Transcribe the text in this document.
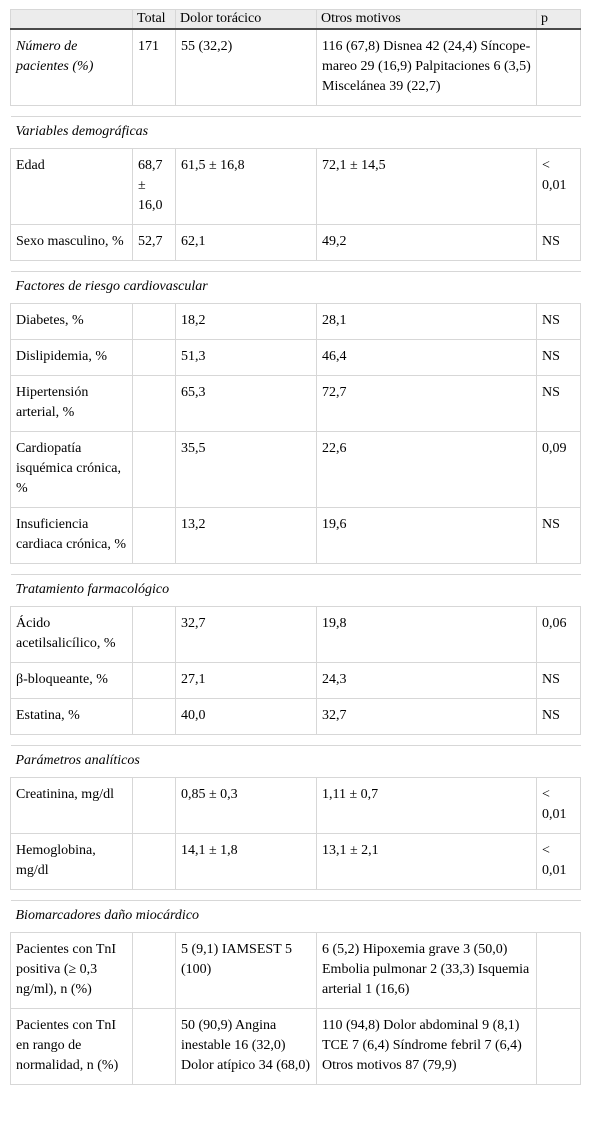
	Total	Dolor torácico	Otros motivos	p
Número de pacientes (%)	171	55 (32,2)	116 (67,8) Disnea 42 (24,4) Síncope-mareo 29 (16,9) Palpitaciones 6 (3,5) Miscelánea 39 (22,7)	

Variables demográficas				
Edad	68,7 ± 16,0	61,5 ± 16,8	72,1 ± 14,5	< 0,01
Sexo masculino, %	52,7	62,1	49,2	NS

Factores de riesgo cardiovascular				
Diabetes, %		18,2	28,1	NS
Dislipidemia, %		51,3	46,4	NS
Hipertensión arterial, %		65,3	72,7	NS
Cardiopatía isquémica crónica, %		35,5	22,6	0,09
Insuficiencia cardiaca crónica, %		13,2	19,6	NS

Tratamiento farmacológico				
Ácido acetilsalicílico, %		32,7	19,8	0,06
β-bloqueante, %		27,1	24,3	NS
Estatina, %		40,0	32,7	NS

Parámetros analíticos				
Creatinina, mg/dl		0,85 ± 0,3	1,11 ± 0,7	< 0,01
Hemoglobina, mg/dl		14,1 ± 1,8	13,1 ± 2,1	< 0,01

Biomarcadores daño miocárdico				
Pacientes con TnI positiva (≥ 0,3 ng/ml), n (%)		5 (9,1) IAMSEST 5 (100)	6 (5,2) Hipoxemia grave 3 (50,0) Embolia pulmonar 2 (33,3) Isquemia arterial 1 (16,6)	
Pacientes con TnI en rango de normalidad, n (%)		50 (90,9) Angina inestable 16 (32,0) Dolor atípico 34 (68,0)	110 (94,8) Dolor abdominal 9 (8,1) TCE 7 (6,4) Síndrome febril 7 (6,4) Otros motivos 87 (79,9)	
